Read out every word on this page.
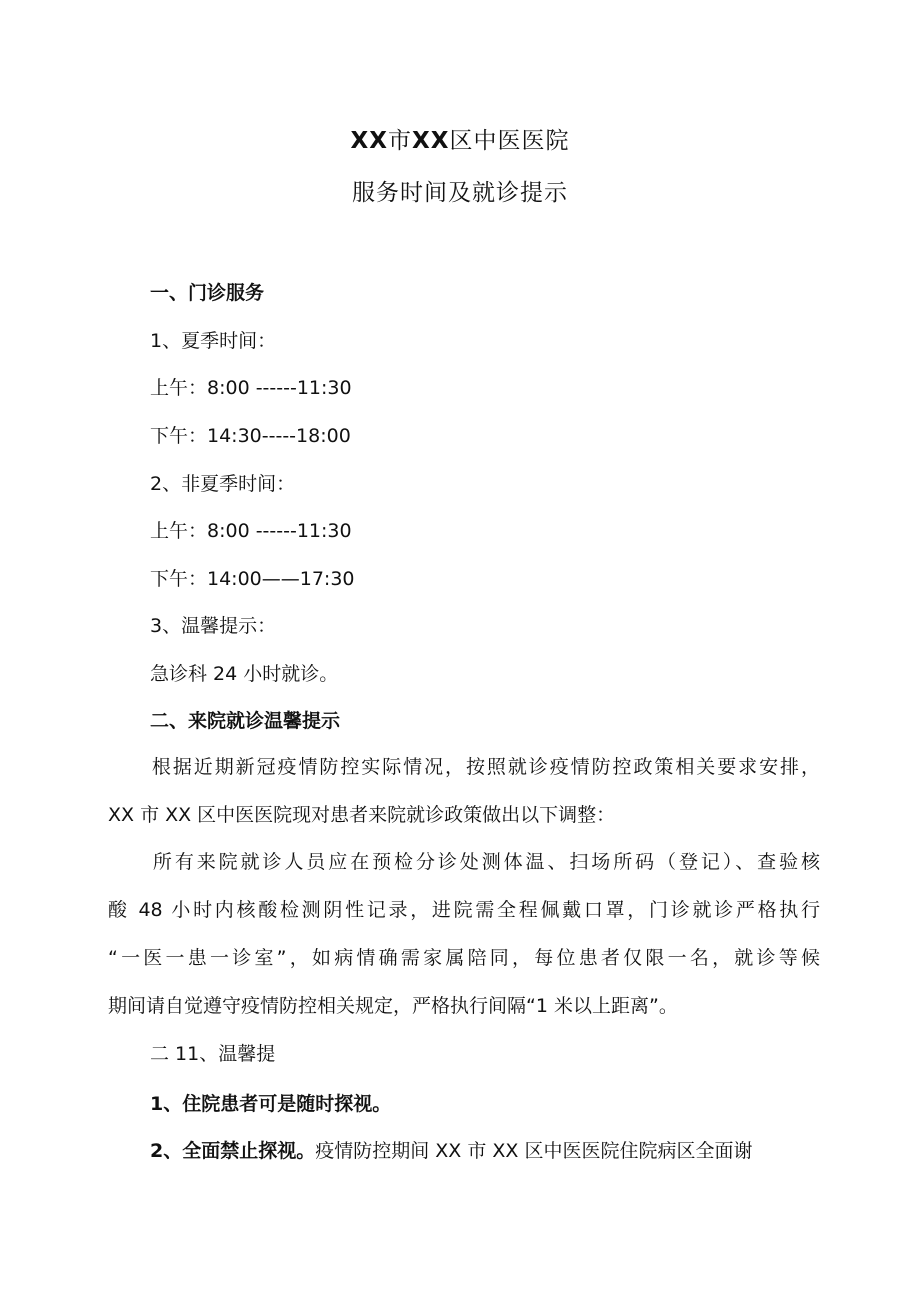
XX市XX区中医医院
服务时间及就诊提示
一、门诊服务
1、夏季时间：
上午：8:00 ------11:30
下午：14:30-----18:00
2、非夏季时间：
上午：8:00 ------11:30
下午：14:00——17:30
3、温馨提示：
急诊科 24 小时就诊。
二、来院就诊温馨提示
根据近期新冠疫情防控实际情况，按照就诊疫情防控政策相关要求安排，
XX 市 XX 区中医医院现对患者来院就诊政策做出以下调整：
所有来院就诊人员应在预检分诊处测体温、扫场所码（登记）、查验核
酸 48 小时内核酸检测阴性记录，进院需全程佩戴口罩，门诊就诊严格执行
“一医一患一诊室”，如病情确需家属陪同，每位患者仅限一名，就诊等候
期间请自觉遵守疫情防控相关规定，严格执行间隔“1 米以上距离”。
二 11、温馨提
1、住院患者可是随时探视。
2、全面禁止探视。疫情防控期间 XX 市 XX 区中医医院住院病区全面谢
